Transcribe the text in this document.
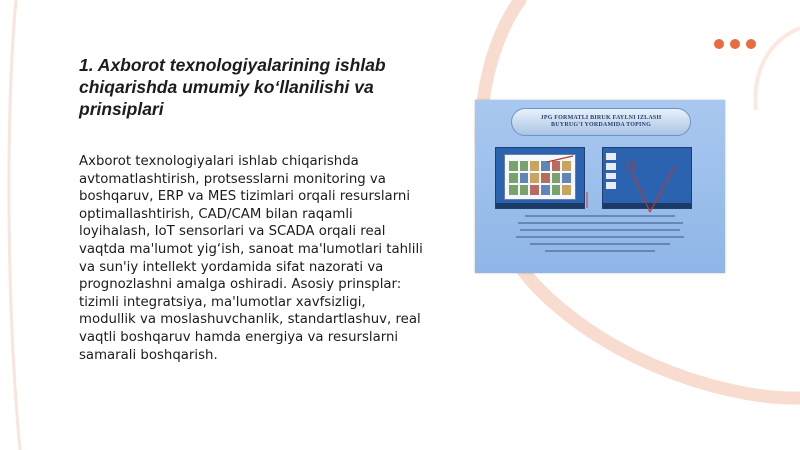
1. Axborot texnologiyalarining ishlab chiqarishda umumiy ko‘llanilishi va prinsiplari

Axborot texnologiyalari ishlab chiqarishda avtomatlashtirish, protsesslarni monitoring va boshqaruv, ERP va MES tizimlari orqali resurslarni optimallashtirish, CAD/CAM bilan raqamli loyihalash, IoT sensorlari va SCADA orqali real vaqtda ma'lumot yig‘ish, sanoat ma'lumotlari tahlili va sun'iy intellekt yordamida sifat nazorati va prognozlashni amalga oshiradi. Asosiy prinsplar: tizimli integratsiya, ma'lumotlar xavfsizligi, modullik va moslashuvchanlik, standartlashuv, real vaqtli boshqaruv hamda energiya va resurslarni samarali boshqarish.

JPG FORMATLI BIRUK FAYLNI IZLASH
BUYRUG‘I YORDAMIDA TOPING
